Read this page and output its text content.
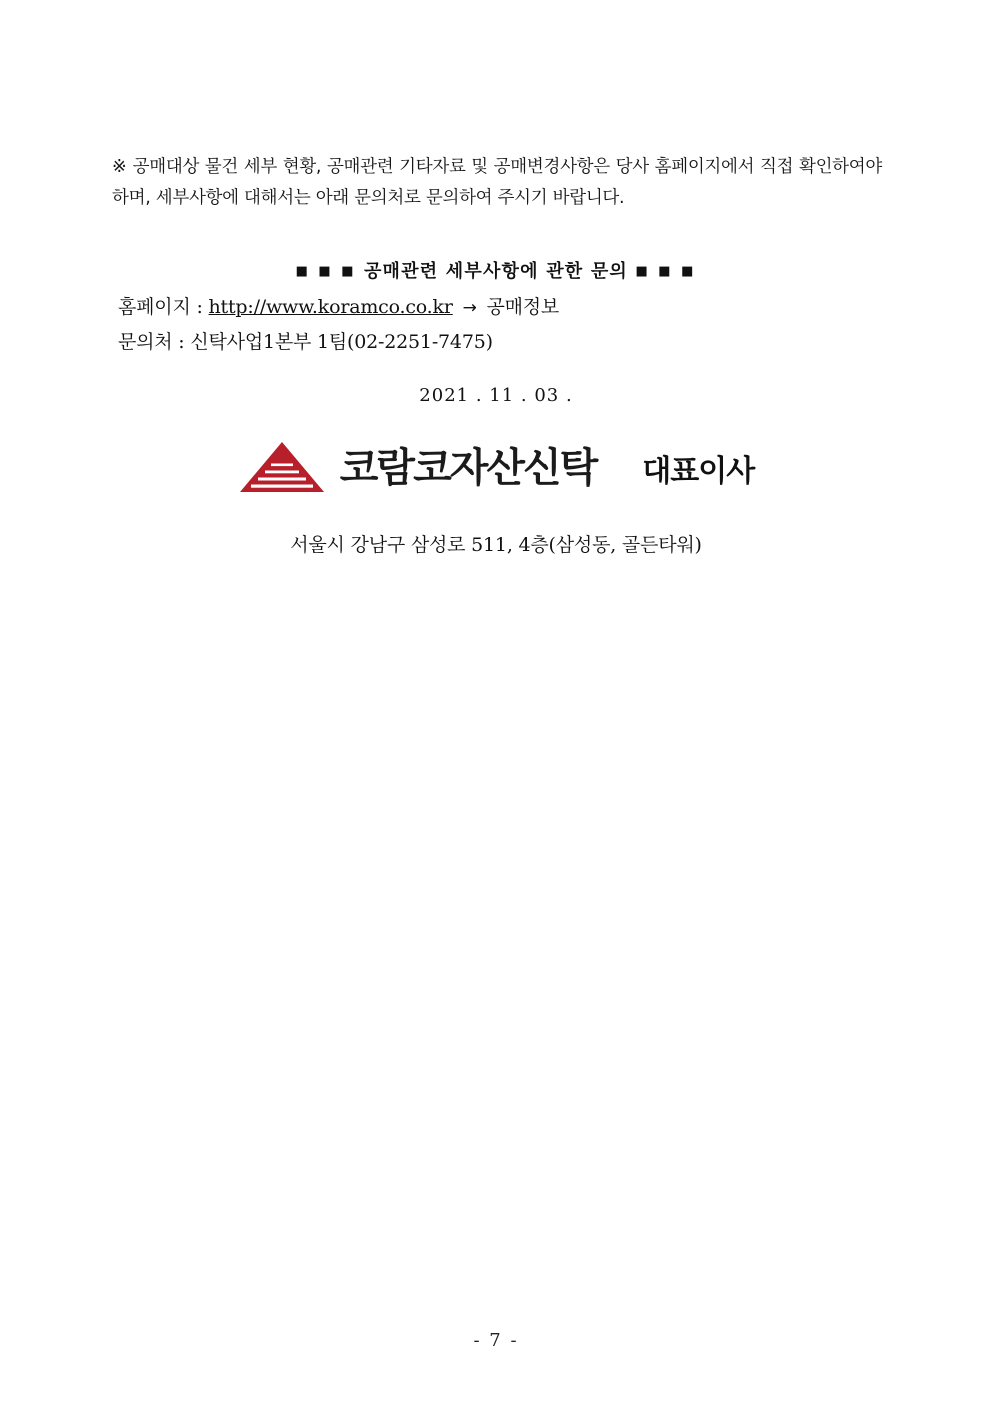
※ 공매대상 물건 세부 현황, 공매관련 기타자료 및 공매변경사항은 당사 홈페이지에서 직접 확인하여야 하며, 세부사항에 대해서는 아래 문의처로 문의하여 주시기 바랍니다.
■ ■ ■ 공매관련 세부사항에 관한 문의 ■ ■ ■
홈페이지 : http://www.koramco.co.kr → 공매정보
문의처 : 신탁사업1본부 1팀(02-2251-7475)
2021 . 11 . 03 .
코람코자산신탁 대표이사
서울시 강남구 삼성로 511, 4층(삼성동, 골든타워)
- 7 -
